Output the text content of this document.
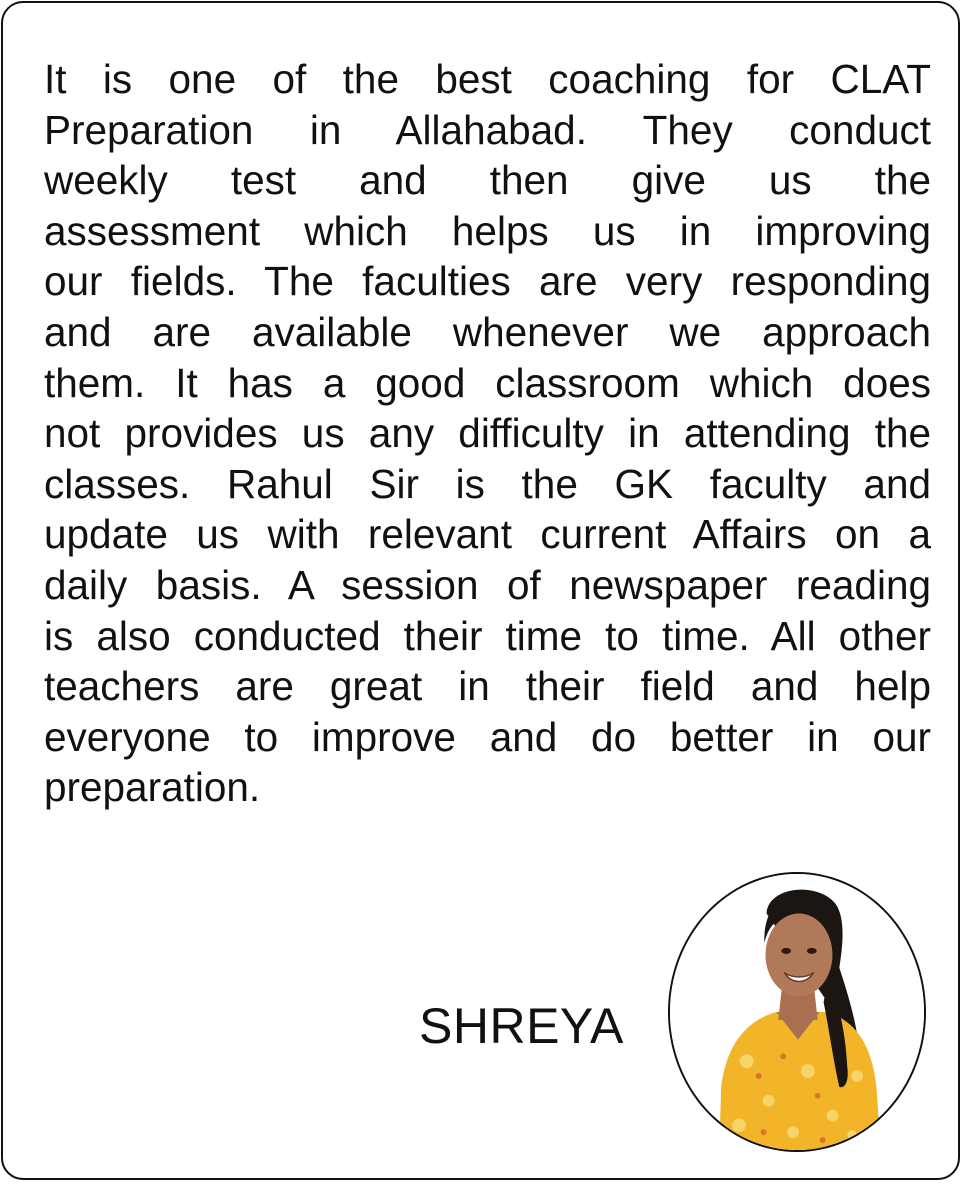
It is one of the best coaching for CLAT
Preparation in Allahabad. They conduct
weekly test and then give us the
assessment which helps us in improving
our fields. The faculties are very responding
and are available whenever we approach
them. It has a good classroom which does
not provides us any difficulty in attending the
classes. Rahul Sir is the GK faculty and
update us with relevant current Affairs on a
daily basis. A session of newspaper reading
is also conducted their time to time. All other
teachers are great in their field and help
everyone to improve and do better in our
preparation.

SHREYA
